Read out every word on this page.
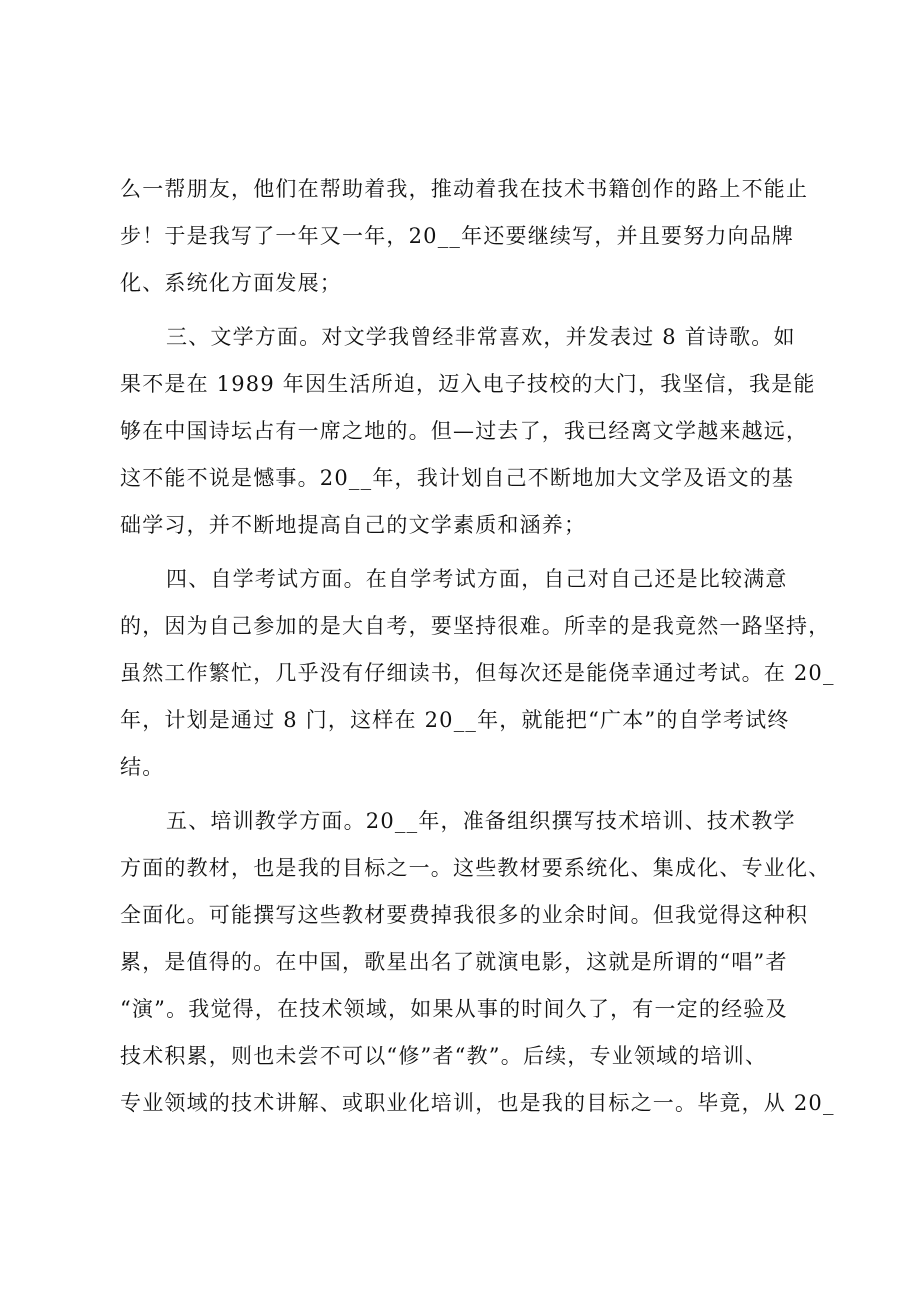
么一帮朋友，他们在帮助着我，推动着我在技术书籍创作的路上不能止
步！于是我写了一年又一年，20__年还要继续写，并且要努力向品牌
化、系统化方面发展；
三、文学方面。对文学我曾经非常喜欢，并发表过 8 首诗歌。如
果不是在 1989 年因生活所迫，迈入电子技校的大门，我坚信，我是能
够在中国诗坛占有一席之地的。但—过去了，我已经离文学越来越远，
这不能不说是憾事。20__年，我计划自己不断地加大文学及语文的基
础学习，并不断地提高自己的文学素质和涵养；
四、自学考试方面。在自学考试方面，自己对自己还是比较满意
的，因为自己参加的是大自考，要坚持很难。所幸的是我竟然一路坚持，
虽然工作繁忙，几乎没有仔细读书，但每次还是能侥幸通过考试。在 20_
年，计划是通过 8 门，这样在 20__年，就能把“广本”的自学考试终
结。
五、培训教学方面。20__年，准备组织撰写技术培训、技术教学
方面的教材，也是我的目标之一。这些教材要系统化、集成化、专业化、
全面化。可能撰写这些教材要费掉我很多的业余时间。但我觉得这种积
累，是值得的。在中国，歌星出名了就演电影，这就是所谓的“唱”者
“演”。我觉得，在技术领域，如果从事的时间久了，有一定的经验及
技术积累，则也未尝不可以“修”者“教”。后续，专业领域的培训、
专业领域的技术讲解、或职业化培训，也是我的目标之一。毕竟，从 20_
